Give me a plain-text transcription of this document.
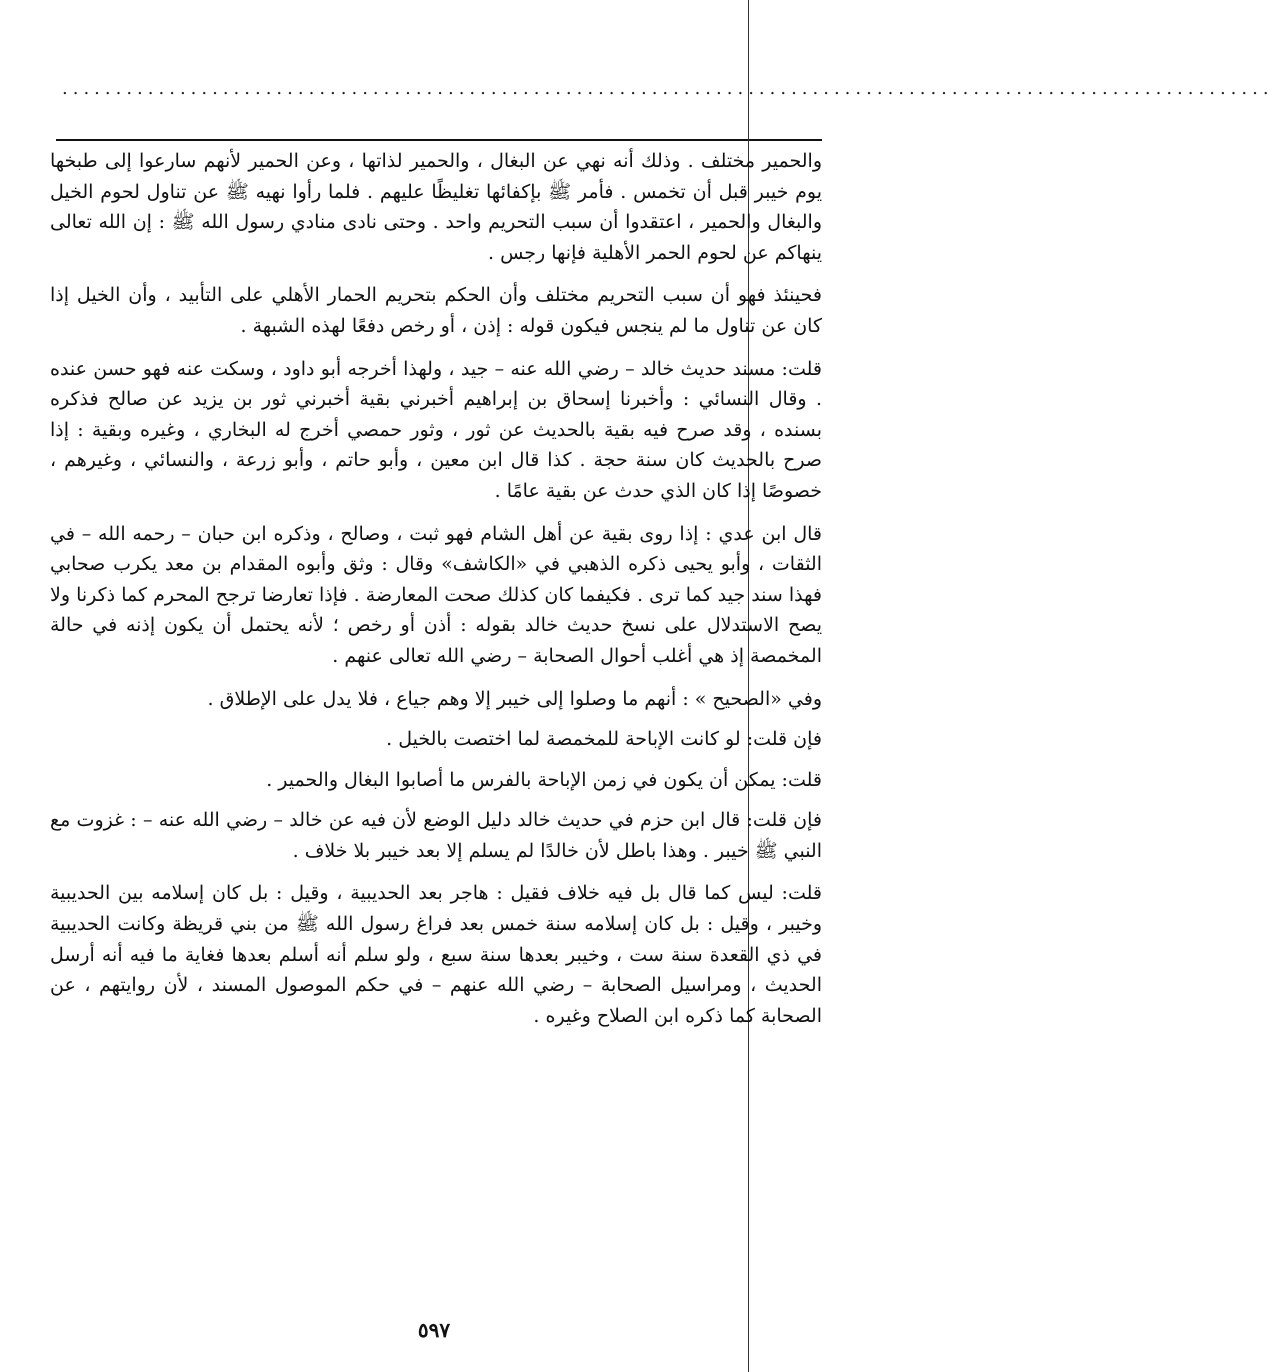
.................................................................................................................

والحمير مختلف . وذلك أنه نهي عن البغال ، والحمير لذاتها ، وعن الحمير لأنهم سارعوا إلى طبخها يوم خيبر قبل أن تخمس . فأمر ﷺ بإكفائها تغليظًا عليهم . فلما رأوا نهيه ﷺ عن تناول لحوم الخيل والبغال والحمير ، اعتقدوا أن سبب التحريم واحد . وحتى نادى منادي رسول الله ﷺ : إن الله تعالى ينهاكم عن لحوم الحمر الأهلية فإنها رجس .

فحينئذ فهو أن سبب التحريم مختلف وأن الحكم بتحريم الحمار الأهلي على التأبيد ، وأن الخيل إذا كان عن تناول ما لم ينجس فيكون قوله : إذن ، أو رخص دفعًا لهذه الشبهة .

قلت: مسند حديث خالد – رضي الله عنه – جيد ، ولهذا أخرجه أبو داود ، وسكت عنه فهو حسن عنده . وقال النسائي : وأخبرنا إسحاق بن إبراهيم أخبرني بقية أخبرني ثور بن يزيد عن صالح فذكره بسنده ، وقد صرح فيه بقية بالحديث عن ثور ، وثور حمصي أخرج له البخاري ، وغيره وبقية : إذا صرح بالحديث كان سنة حجة . كذا قال ابن معين ، وأبو حاتم ، وأبو زرعة ، والنسائي ، وغيرهم ، خصوصًا إذا كان الذي حدث عن بقية عامًا .

قال ابن عدي : إذا روى بقية عن أهل الشام فهو ثبت ، وصالح ، وذكره ابن حبان – رحمه الله – في الثقات ، وأبو يحيى ذكره الذهبي في «الكاشف» وقال : وثق وأبوه المقدام بن معد يكرب صحابي فهذا سند جيد كما ترى . فكيفما كان كذلك صحت المعارضة . فإذا تعارضا ترجح المحرم كما ذكرنا ولا يصح الاستدلال على نسخ حديث خالد بقوله : أذن أو رخص ؛ لأنه يحتمل أن يكون إذنه في حالة المخمصة إذ هي أغلب أحوال الصحابة – رضي الله تعالى عنهم .

وفي «الصحيح » : أنهم ما وصلوا إلى خيبر إلا وهم جياع ، فلا يدل على الإطلاق .

فإن قلت: لو كانت الإباحة للمخمصة لما اختصت بالخيل .

قلت: يمكن أن يكون في زمن الإباحة بالفرس ما أصابوا البغال والحمير .

فإن قلت: قال ابن حزم في حديث خالد دليل الوضع لأن فيه عن خالد – رضي الله عنه – : غزوت مع النبي ﷺ خيبر . وهذا باطل لأن خالدًا لم يسلم إلا بعد خيبر بلا خلاف .

قلت: ليس كما قال بل فيه خلاف فقيل : هاجر بعد الحديبية ، وقيل : بل كان إسلامه بين الحديبية وخيبر ، وقيل : بل كان إسلامه سنة خمس بعد فراغ رسول الله ﷺ من بني قريظة وكانت الحديبية في ذي القعدة سنة ست ، وخيبر بعدها سنة سبع ، ولو سلم أنه أسلم بعدها فغاية ما فيه أنه أرسل الحديث ، ومراسيل الصحابة – رضي الله عنهم – في حكم الموصول المسند ، لأن روايتهم ، عن الصحابة كما ذكره ابن الصلاح وغيره .

٥٩٧
